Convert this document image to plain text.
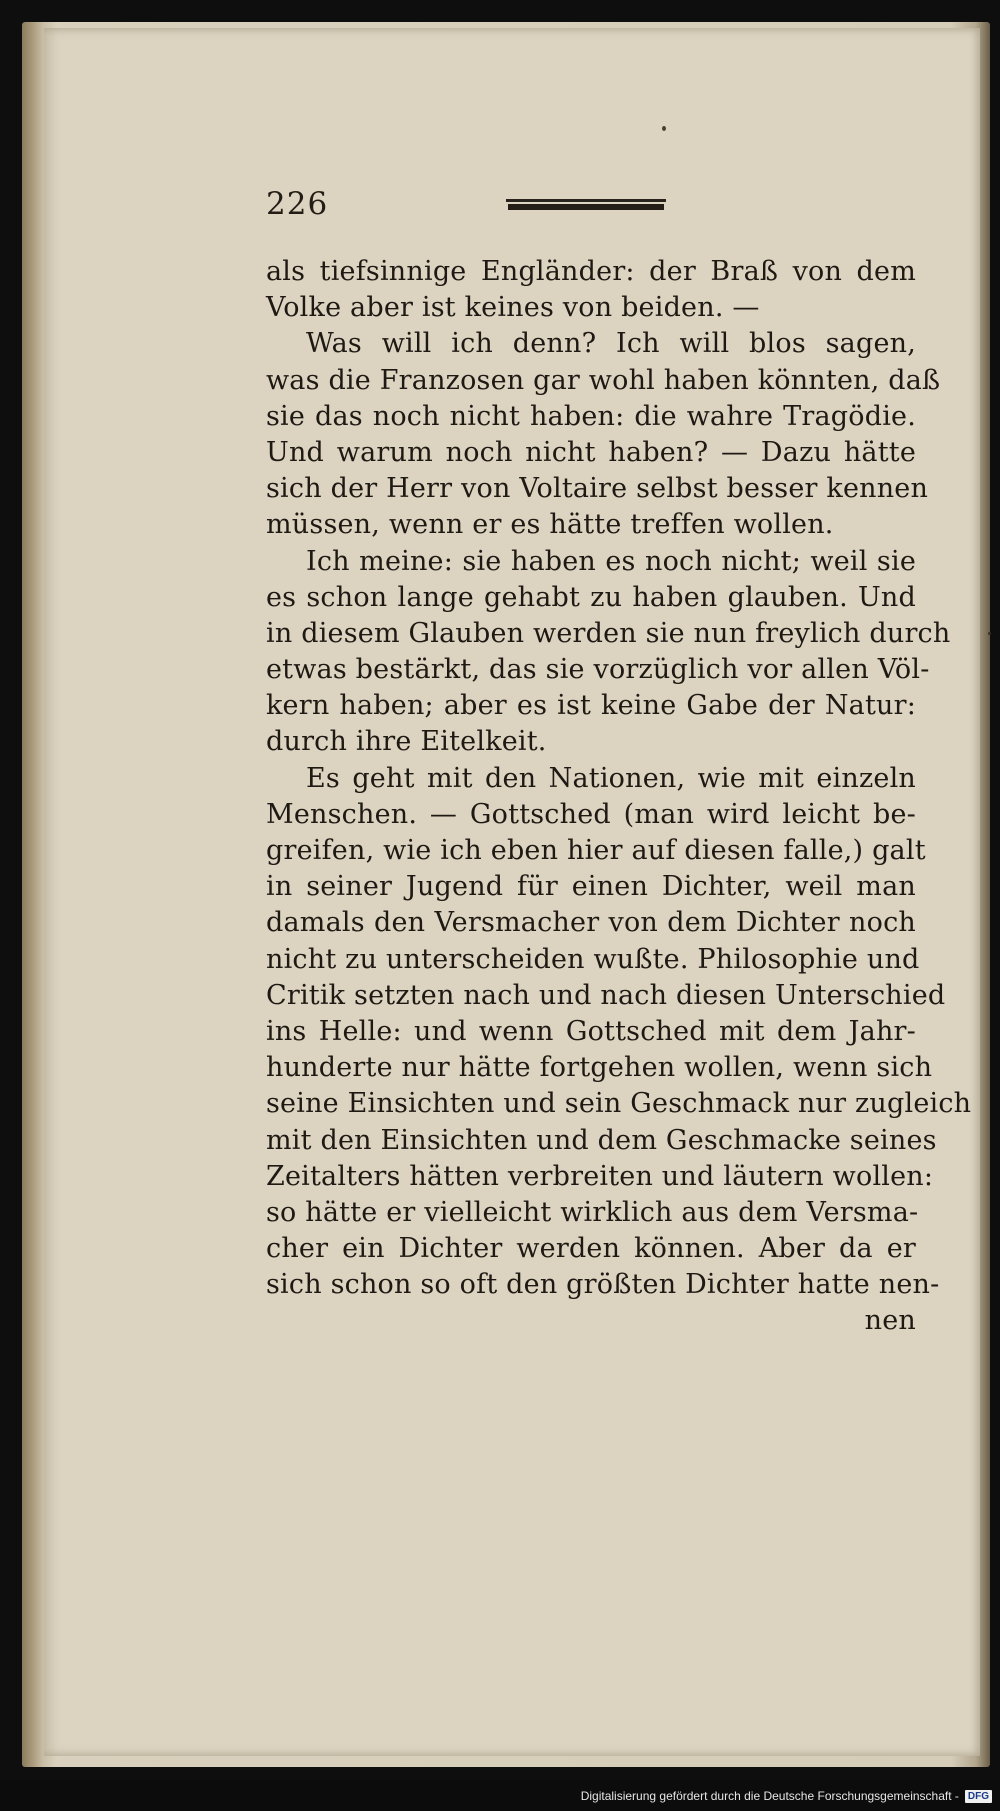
226
als tiefsinnige Engländer: der Braß von dem
Volke aber ist keines von beiden. —
Was will ich denn? Ich will blos sagen,
was die Franzosen gar wohl haben könnten, daß
sie das noch nicht haben: die wahre Tragödie.
Und warum noch nicht haben? — Dazu hätte
sich der Herr von Voltaire selbst besser kennen
müssen, wenn er es hätte treffen wollen.
Ich meine: sie haben es noch nicht; weil sie
es schon lange gehabt zu haben glauben. Und
in diesem Glauben werden sie nun freylich durch
etwas bestärkt, das sie vorzüglich vor allen Völ-
kern haben; aber es ist keine Gabe der Natur:
durch ihre Eitelkeit.
Es geht mit den Nationen, wie mit einzeln
Menschen. — Gottsched (man wird leicht be-
greifen, wie ich eben hier auf diesen falle,) galt
in seiner Jugend für einen Dichter, weil man
damals den Versmacher von dem Dichter noch
nicht zu unterscheiden wußte. Philosophie und
Critik setzten nach und nach diesen Unterschied
ins Helle: und wenn Gottsched mit dem Jahr-
hunderte nur hätte fortgehen wollen, wenn sich
seine Einsichten und sein Geschmack nur zugleich
mit den Einsichten und dem Geschmacke seines
Zeitalters hätten verbreiten und läutern wollen:
so hätte er vielleicht wirklich aus dem Versma-
cher ein Dichter werden können. Aber da er
sich schon so oft den größten Dichter hatte nen-
nen
Digitalisierung gefördert durch die Deutsche Forschungsgemeinschaft - DFG
